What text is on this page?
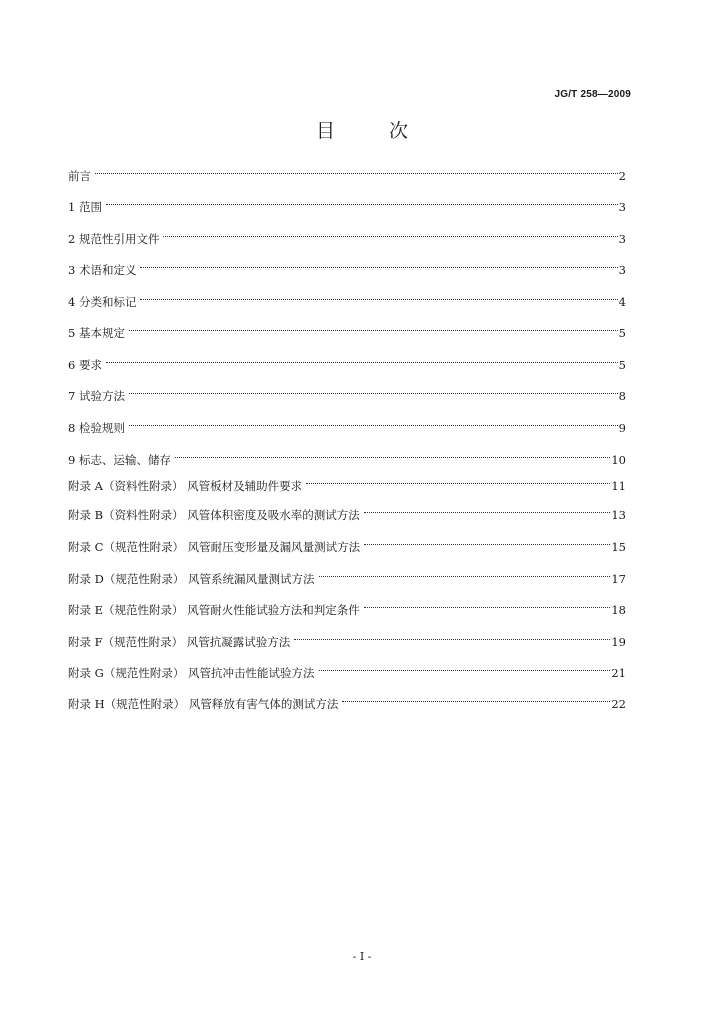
JG/T 258—2009
目 次
前言	2
1 范围	3
2 规范性引用文件	3
3 术语和定义	3
4 分类和标记	4
5 基本规定	5
6 要求	5
7 试验方法	8
8 检验规则	9
9 标志、运输、储存	10
附录 A（资料性附录） 风管板材及辅助件要求	11
附录 B（资料性附录） 风管体积密度及吸水率的测试方法	13
附录 C（规范性附录） 风管耐压变形量及漏风量测试方法	15
附录 D（规范性附录） 风管系统漏风量测试方法	17
附录 E（规范性附录） 风管耐火性能试验方法和判定条件	18
附录 F（规范性附录） 风管抗凝露试验方法	19
附录 G（规范性附录） 风管抗冲击性能试验方法	21
附录 H（规范性附录） 风管释放有害气体的测试方法	22
- I -
